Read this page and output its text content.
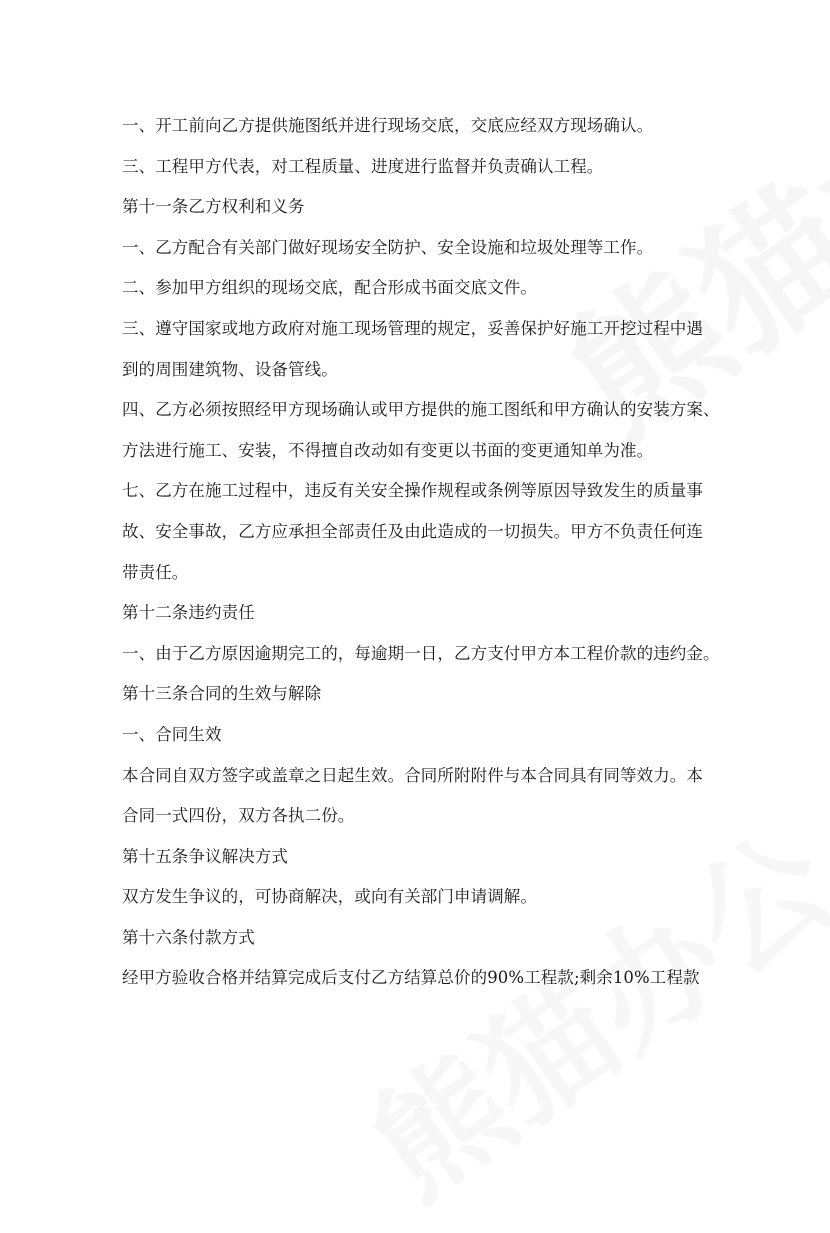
一、开工前向乙方提供施图纸并进行现场交底，交底应经双方现场确认。
三、工程甲方代表，对工程质量、进度进行监督并负责确认工程。
第十一条乙方权利和义务
一、乙方配合有关部门做好现场安全防护、安全设施和垃圾处理等工作。
二、参加甲方组织的现场交底，配合形成书面交底文件。
三、遵守国家或地方政府对施工现场管理的规定，妥善保护好施工开挖过程中遇
到的周围建筑物、设备管线。
四、乙方必须按照经甲方现场确认或甲方提供的施工图纸和甲方确认的安装方案、
方法进行施工、安装，不得擅自改动如有变更以书面的变更通知单为准。
七、乙方在施工过程中，违反有关安全操作规程或条例等原因导致发生的质量事
故、安全事故，乙方应承担全部责任及由此造成的一切损失。甲方不负责任何连
带责任。
第十二条违约责任
一、由于乙方原因逾期完工的，每逾期一日，乙方支付甲方本工程价款的违约金。
第十三条合同的生效与解除
一、合同生效
本合同自双方签字或盖章之日起生效。合同所附附件与本合同具有同等效力。本
合同一式四份，双方各执二份。
第十五条争议解决方式
双方发生争议的，可协商解决，或向有关部门申请调解。
第十六条付款方式
经甲方验收合格并结算完成后支付乙方结算总价的90%工程款;剩余10%工程款
